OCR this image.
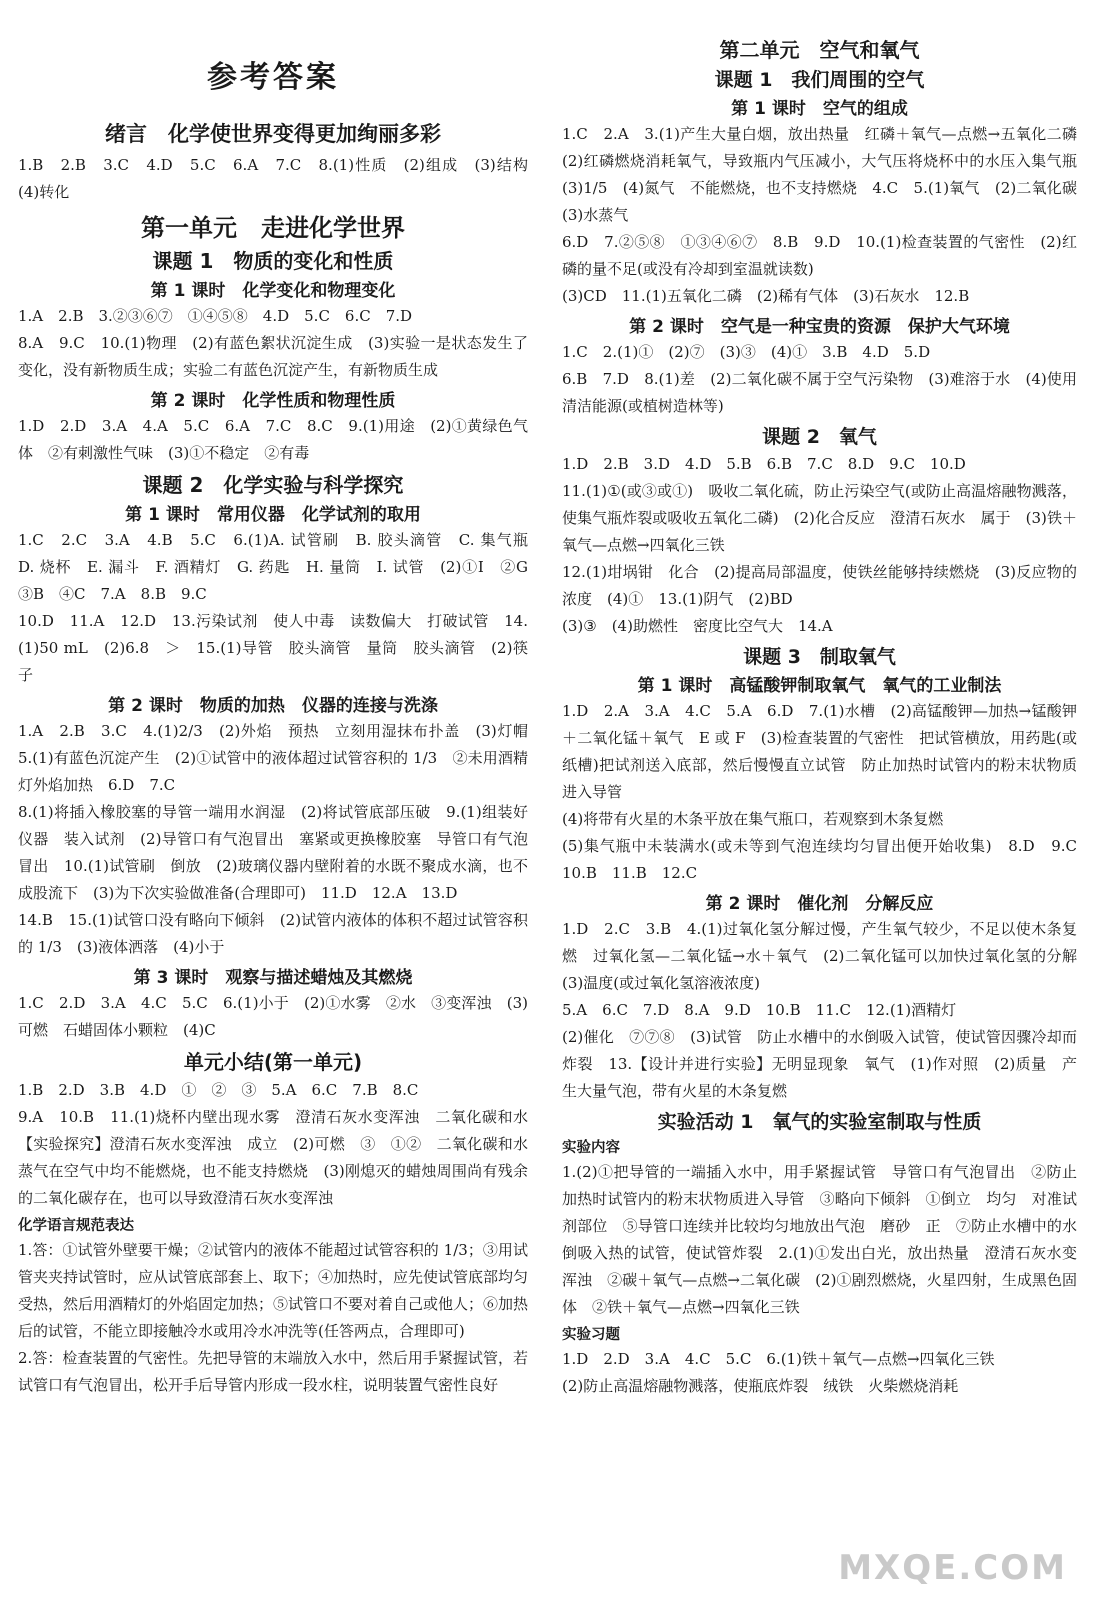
参考答案
绪言　化学使世界变得更加绚丽多彩

1.B　2.B　3.C　4.D　5.C　6.A　7.C　8.(1)性质　(2)组成　(3)结构　(4)转化

第一单元　走进化学世界
课题 1　物质的变化和性质
第 1 课时　化学变化和物理变化

1.A　2.B　3.②③⑥⑦　①④⑤⑧　4.D　5.C　6.C　7.D
8.A　9.C　10.(1)物理　(2)有蓝色絮状沉淀生成　(3)实验一是状态发生了变化，没有新物质生成；实验二有蓝色沉淀产生，有新物质生成

第 2 课时　化学性质和物理性质

1.D　2.D　3.A　4.A　5.C　6.A　7.C　8.C　9.(1)用途　(2)①黄绿色气体　②有刺激性气味　(3)①不稳定　②有毒

课题 2　化学实验与科学探究
第 1 课时　常用仪器　化学试剂的取用

1.C　2.C　3.A　4.B　5.C　6.(1)A. 试管刷　B. 胶头滴管　C. 集气瓶　D. 烧杯　E. 漏斗　F. 酒精灯　G. 药匙　H. 量筒　I. 试管　(2)①I　②G　③B　④C　7.A　8.B　9.C
10.D　11.A　12.D　13.污染试剂　使人中毒　读数偏大　打破试管　14.(1)50 mL　(2)6.8　＞　15.(1)导管　胶头滴管　量筒　胶头滴管　(2)筷子

第 2 课时　物质的加热　仪器的连接与洗涤

1.A　2.B　3.C　4.(1)2/3　(2)外焰　预热　立刻用湿抹布扑盖　(3)灯帽　5.(1)有蓝色沉淀产生　(2)①试管中的液体超过试管容积的 1/3　②未用酒精灯外焰加热　6.D　7.C
8.(1)将插入橡胶塞的导管一端用水润湿　(2)将试管底部压破　9.(1)组装好仪器　装入试剂　(2)导管口有气泡冒出　塞紧或更换橡胶塞　导管口有气泡冒出　10.(1)试管刷　倒放　(2)玻璃仪器内壁附着的水既不聚成水滴，也不成股流下　(3)为下次实验做准备(合理即可)　11.D　12.A　13.D
14.B　15.(1)试管口没有略向下倾斜　(2)试管内液体的体积不超过试管容积的 1/3　(3)液体洒落　(4)小于

第 3 课时　观察与描述蜡烛及其燃烧

1.C　2.D　3.A　4.C　5.C　6.(1)小于　(2)①水雾　②水　③变浑浊　(3)可燃　石蜡固体小颗粒　(4)C

单元小结(第一单元)

1.B　2.D　3.B　4.D　①　②　③　5.A　6.C　7.B　8.C
9.A　10.B　11.(1)烧杯内壁出现水雾　澄清石灰水变浑浊　二氧化碳和水　【实验探究】澄清石灰水变浑浊　成立　(2)可燃　③　①②　二氧化碳和水蒸气在空气中均不能燃烧，也不能支持燃烧　(3)刚熄灭的蜡烛周围尚有残余的二氧化碳存在，也可以导致澄清石灰水变浑浊

化学语言规范表达

1.答：①试管外壁要干燥；②试管内的液体不能超过试管容积的 1/3；③用试管夹夹持试管时，应从试管底部套上、取下；④加热时，应先使试管底部均匀受热，然后用酒精灯的外焰固定加热；⑤试管口不要对着自己或他人；⑥加热后的试管，不能立即接触冷水或用冷水冲洗等(任答两点，合理即可)
2.答：检查装置的气密性。先把导管的末端放入水中，然后用手紧握试管，若试管口有气泡冒出，松开手后导管内形成一段水柱，说明装置气密性良好

第二单元　空气和氧气
课题 1　我们周围的空气
第 1 课时　空气的组成

1.C　2.A　3.(1)产生大量白烟，放出热量　红磷＋氧气—点燃→五氧化二磷　(2)红磷燃烧消耗氧气，导致瓶内气压减小，大气压将烧杯中的水压入集气瓶　(3)1/5　(4)氮气　不能燃烧，也不支持燃烧　4.C　5.(1)氧气　(2)二氧化碳　(3)水蒸气
6.D　7.②⑤⑧　①③④⑥⑦　8.B　9.D　10.(1)检查装置的气密性　(2)红磷的量不足(或没有冷却到室温就读数)
(3)CD　11.(1)五氧化二磷　(2)稀有气体　(3)石灰水　12.B

第 2 课时　空气是一种宝贵的资源　保护大气环境

1.C　2.(1)①　(2)⑦　(3)③　(4)①　3.B　4.D　5.D
6.B　7.D　8.(1)差　(2)二氧化碳不属于空气污染物　(3)难溶于水　(4)使用清洁能源(或植树造林等)

课题 2　氧气

1.D　2.B　3.D　4.D　5.B　6.B　7.C　8.D　9.C　10.D
11.(1)①(或③或①)　吸收二氧化硫，防止污染空气(或防止高温熔融物溅落，使集气瓶炸裂或吸收五氧化二磷)　(2)化合反应　澄清石灰水　属于　(3)铁＋氧气—点燃→四氧化三铁
12.(1)坩埚钳　化合　(2)提高局部温度，使铁丝能够持续燃烧　(3)反应物的浓度　(4)①　13.(1)阴气　(2)BD
(3)③　(4)助燃性　密度比空气大　14.A

课题 3　制取氧气
第 1 课时　高锰酸钾制取氧气　氧气的工业制法

1.D　2.A　3.A　4.C　5.A　6.D　7.(1)水槽　(2)高锰酸钾—加热→锰酸钾＋二氧化锰＋氧气　E 或 F　(3)检查装置的气密性　把试管横放，用药匙(或纸槽)把试剂送入底部，然后慢慢直立试管　防止加热时试管内的粉末状物质进入导管
(4)将带有火星的木条平放在集气瓶口，若观察到木条复燃
(5)集气瓶中未装满水(或未等到气泡连续均匀冒出便开始收集)　8.D　9.C　10.B　11.B　12.C

第 2 课时　催化剂　分解反应

1.D　2.C　3.B　4.(1)过氧化氢分解过慢，产生氧气较少，不足以使木条复燃　过氧化氢—二氧化锰→水＋氧气　(2)二氧化锰可以加快过氧化氢的分解　(3)温度(或过氧化氢溶液浓度)
5.A　6.C　7.D　8.A　9.D　10.B　11.C　12.(1)酒精灯
(2)催化　⑦⑦⑧　(3)试管　防止水槽中的水倒吸入试管，使试管因骤冷却而炸裂　13.【设计并进行实验】无明显现象　氧气　(1)作对照　(2)质量　产生大量气泡，带有火星的木条复燃

实验活动 1　氧气的实验室制取与性质
实验内容

1.(2)①把导管的一端插入水中，用手紧握试管　导管口有气泡冒出　②防止加热时试管内的粉末状物质进入导管　③略向下倾斜　①倒立　均匀　对准试剂部位　⑤导管口连续并比较均匀地放出气泡　磨砂　正　⑦防止水槽中的水倒吸入热的试管，使试管炸裂　2.(1)①发出白光，放出热量　澄清石灰水变浑浊　②碳＋氧气—点燃→二氧化碳　(2)①剧烈燃烧，火星四射，生成黑色固体　②铁＋氧气—点燃→四氧化三铁

实验习题

1.D　2.D　3.A　4.C　5.C　6.(1)铁＋氧气—点燃→四氧化三铁
(2)防止高温熔融物溅落，使瓶底炸裂　绒铁　火柴燃烧消耗

MXQE.COM
